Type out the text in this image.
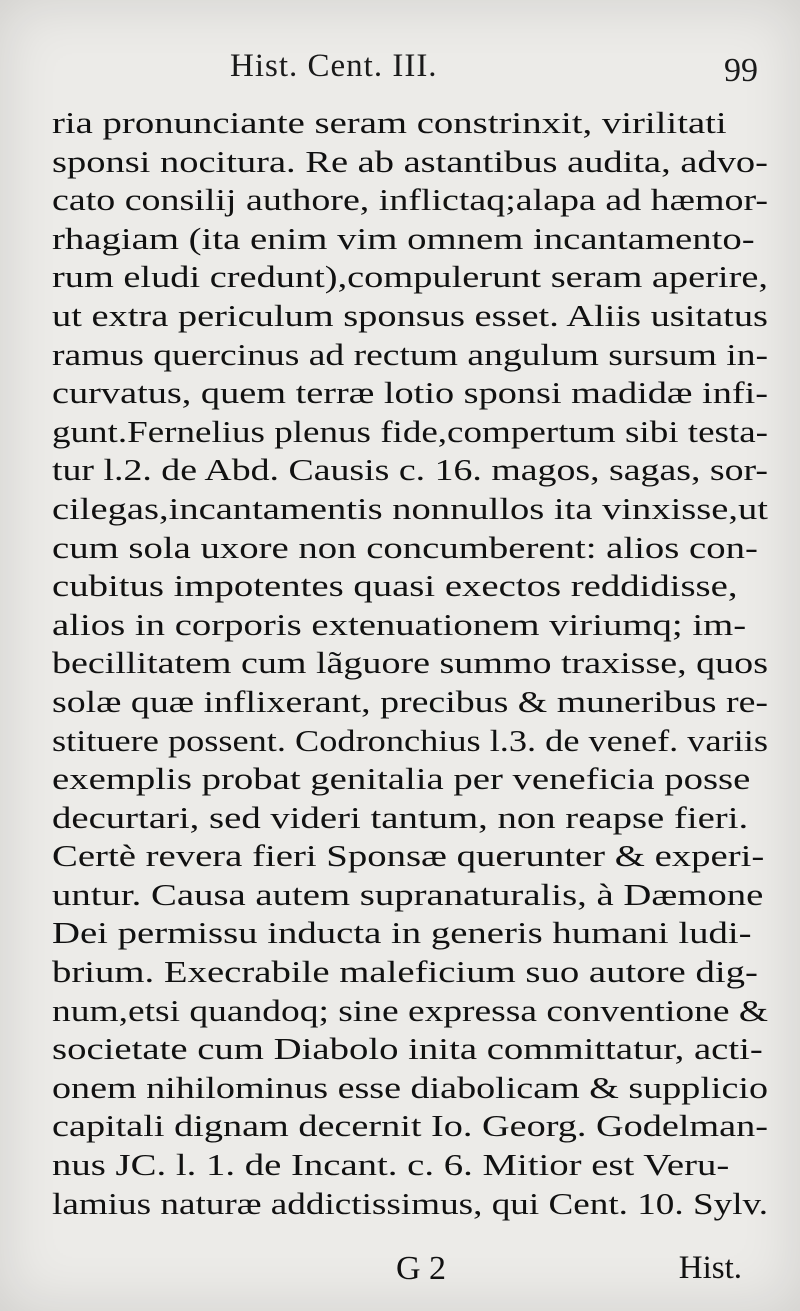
Hist. Cent. III.	99
ria pronunciante seram constrinxit, virilitati
sponsi nocitura. Re ab astantibus audita, advo-
cato consilij authore, inflictaq;alapa ad hæmor-
rhagiam (ita enim vim omnem incantamento-
rum eludi credunt),compulerunt seram aperire,
ut extra periculum sponsus esset. Aliis usitatus
ramus quercinus ad rectum angulum sursum in-
curvatus, quem terræ lotio sponsi madidæ infi-
gunt.Fernelius plenus fide,compertum sibi testa-
tur l.2. de Abd. Causis c. 16. magos, sagas, sor-
cilegas,incantamentis nonnullos ita vinxisse,ut
cum sola uxore non concumberent: alios con-
cubitus impotentes quasi exectos reddidisse,
alios in corporis extenuationem viriumq; im-
becillitatem cum lãguore summo traxisse, quos
solæ quæ inflixerant, precibus & muneribus re-
stituere possent. Codronchius l.3. de venef. variis
exemplis probat genitalia per veneficia posse
decurtari, sed videri tantum, non reapse fieri.
Certè revera fieri Sponsæ querunter & experi-
untur. Causa autem supranaturalis, à Dæmone
Dei permissu inducta in generis humani ludi-
brium. Execrabile maleficium suo autore dig-
num,etsi quandoq; sine expressa conventione &
societate cum Diabolo inita committatur, acti-
onem nihilominus esse diabolicam & supplicio
capitali dignam decernit Io. Georg. Godelman-
nus JC. l. 1. de Incant. c. 6. Mitior est Veru-
lamius naturæ addictissimus, qui Cent. 10. Sylv.
G 2	Hist.
